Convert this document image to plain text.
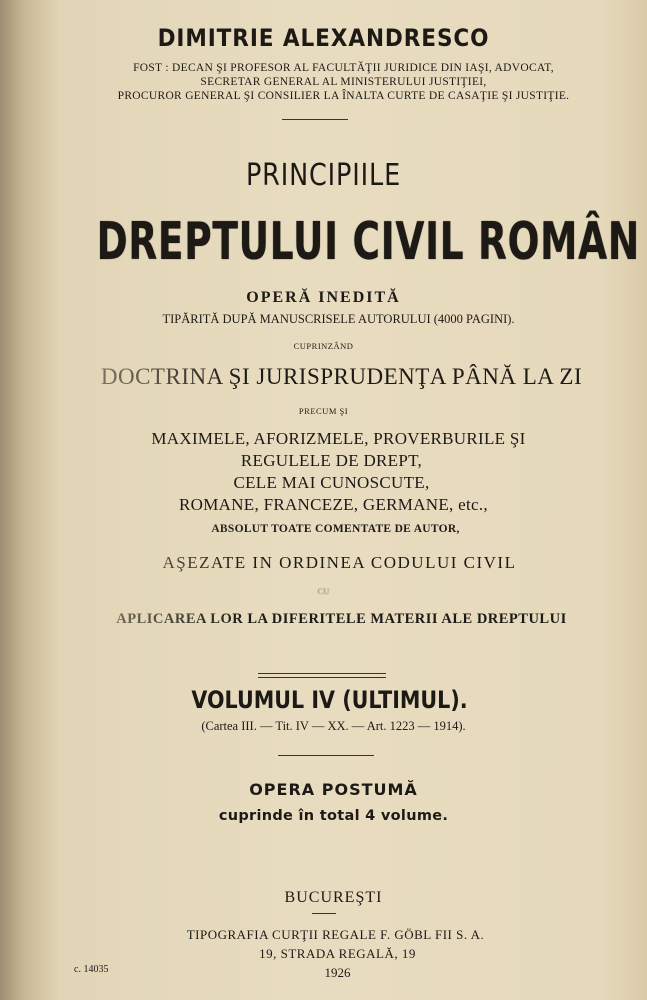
DIMITRIE ALEXANDRESCO
FOST : DECAN ŞI PROFESOR AL FACULTĂŢII JURIDICE DIN IAŞI, ADVOCAT,
SECRETAR GENERAL AL MINISTERULUI JUSTIŢIEI,
PROCUROR GENERAL ŞI CONSILIER LA ÎNALTA CURTE DE CASAŢIE ŞI JUSTIŢIE.
PRINCIPIILE
DREPTULUI CIVIL ROMÂN
OPERĂ INEDITĂ
TIPĂRITĂ DUPĂ MANUSCRISELE AUTORULUI (4000 PAGINI).
CUPRINZÂND
DOCTRINA ŞI JURISPRUDENŢA PÂNĂ LA ZI
PRECUM ŞI
MAXIMELE, AFORIZMELE, PROVERBURILE ŞI
REGULELE DE DREPT,
CELE MAI CUNOSCUTE,
ROMANE, FRANCEZE, GERMANE, etc.,
ABSOLUT TOATE COMENTATE DE AUTOR,
AŞEZATE IN ORDINEA CODULUI CIVIL
CU
APLICAREA LOR LA DIFERITELE MATERII ALE DREPTULUI
VOLUMUL IV (ULTIMUL).
(Cartea III. — Tit. IV — XX. — Art. 1223 — 1914).
OPERA POSTUMĂ
cuprinde în total 4 volume.
BUCUREŞTI
TIPOGRAFIA CURŢII REGALE F. GÖBL FII S. A.
19, STRADA REGALĂ, 19
1926
c. 14035
